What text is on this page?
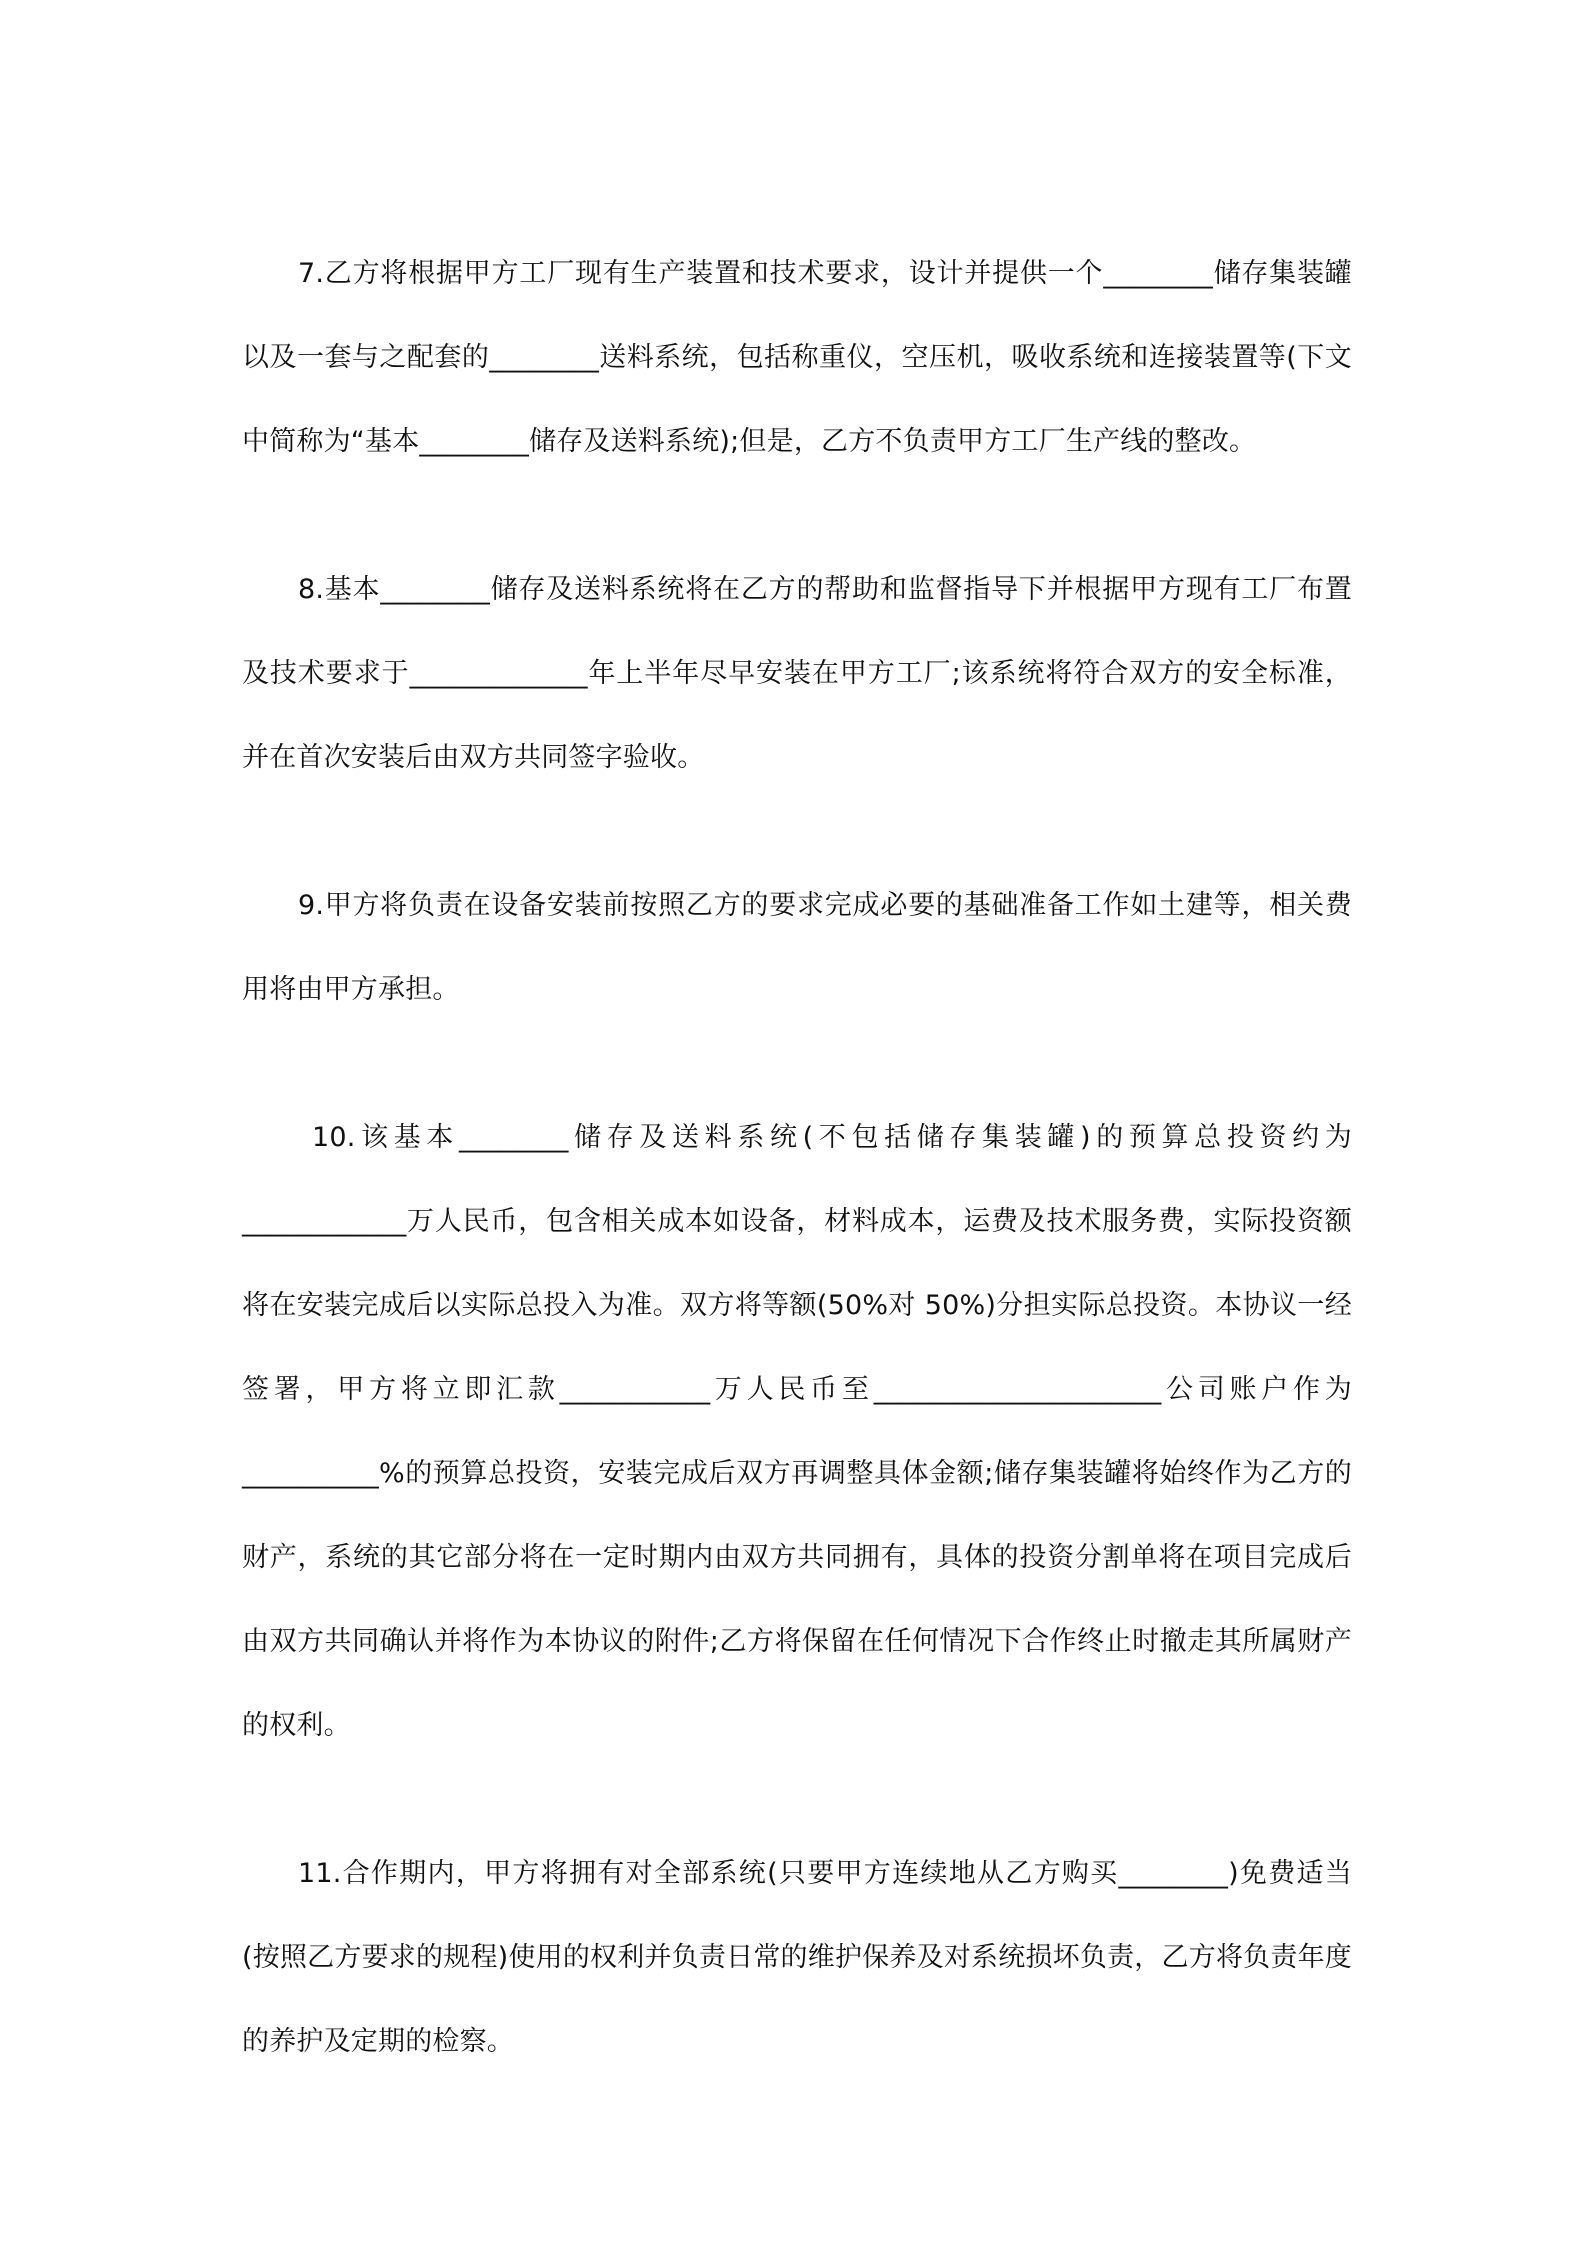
7.乙方将根据甲方工厂现有生产装置和技术要求，设计并提供一个________储存集装罐以及一套与之配套的________送料系统，包括称重仪，空压机，吸收系统和连接装置等(下文中简称为“基本________储存及送料系统);但是，乙方不负责甲方工厂生产线的整改。

8.基本________储存及送料系统将在乙方的帮助和监督指导下并根据甲方现有工厂布置及技术要求于_____________年上半年尽早安装在甲方工厂;该系统将符合双方的安全标准，并在首次安装后由双方共同签字验收。

9.甲方将负责在设备安装前按照乙方的要求完成必要的基础准备工作如土建等，相关费用将由甲方承担。

10.该基本________储存及送料系统(不包括储存集装罐)的预算总投资约为____________万人民币，包含相关成本如设备，材料成本，运费及技术服务费，实际投资额将在安装完成后以实际总投入为准。双方将等额(50%对 50%)分担实际总投资。本协议一经签署，甲方将立即汇款___________万人民币至_____________________公司账户作为__________%的预算总投资，安装完成后双方再调整具体金额;储存集装罐将始终作为乙方的财产，系统的其它部分将在一定时期内由双方共同拥有，具体的投资分割单将在项目完成后由双方共同确认并将作为本协议的附件;乙方将保留在任何情况下合作终止时撤走其所属财产的权利。

11.合作期内，甲方将拥有对全部系统(只要甲方连续地从乙方购买________)免费适当(按照乙方要求的规程)使用的权利并负责日常的维护保养及对系统损坏负责，乙方将负责年度的养护及定期的检察。
